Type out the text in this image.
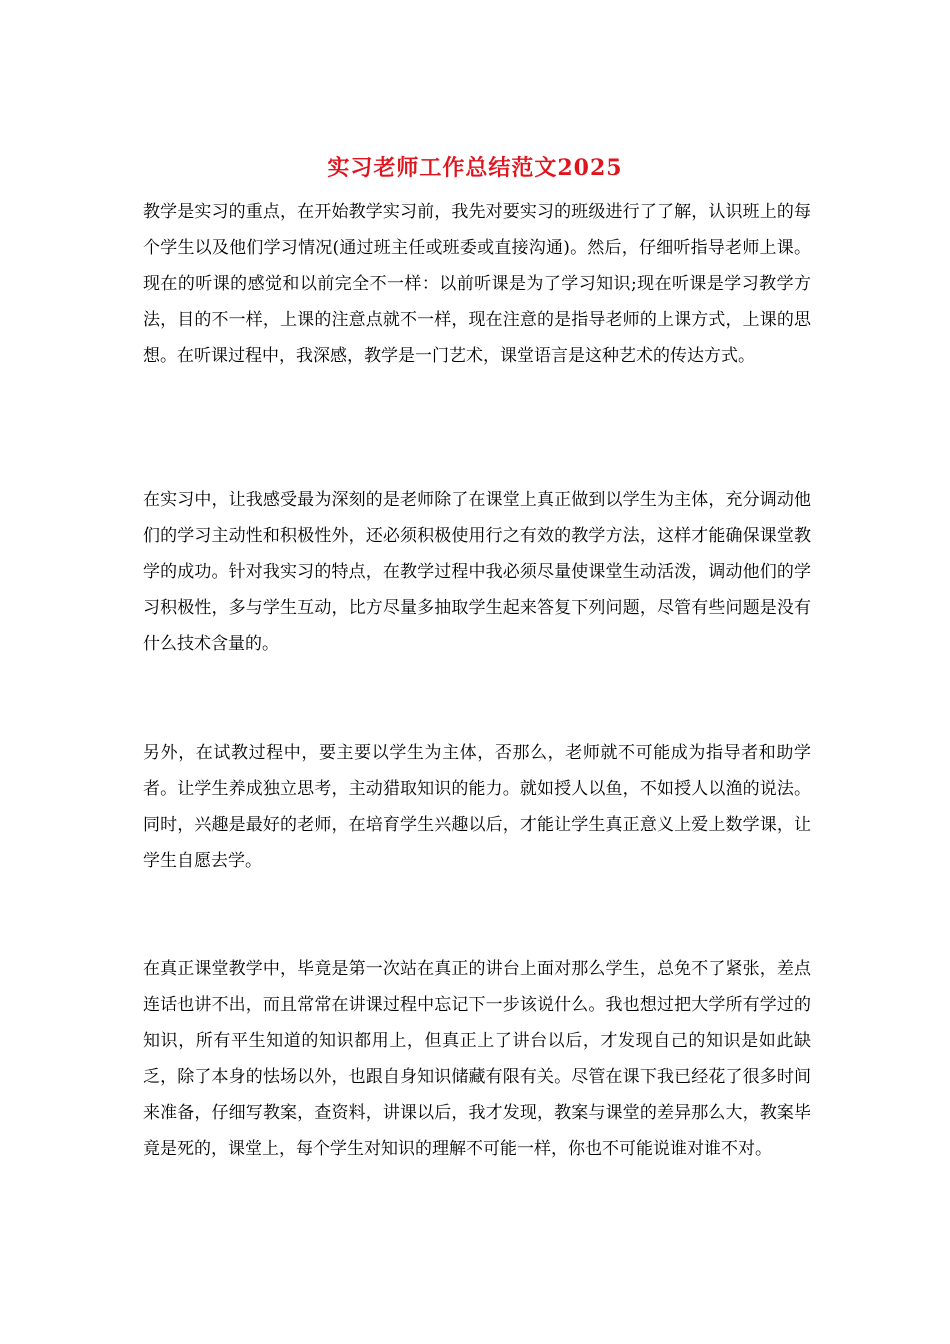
实习老师工作总结范文2025

教学是实习的重点，在开始教学实习前，我先对要实习的班级进行了了解，认识班上的每个学生以及他们学习情况(通过班主任或班委或直接沟通)。然后，仔细听指导老师上课。现在的听课的感觉和以前完全不一样：以前听课是为了学习知识;现在听课是学习教学方法，目的不一样，上课的注意点就不一样，现在注意的是指导老师的上课方式，上课的思想。在听课过程中，我深感，教学是一门艺术，课堂语言是这种艺术的传达方式。

在实习中，让我感受最为深刻的是老师除了在课堂上真正做到以学生为主体，充分调动他们的学习主动性和积极性外，还必须积极使用行之有效的教学方法，这样才能确保课堂教学的成功。针对我实习的特点，在教学过程中我必须尽量使课堂生动活泼，调动他们的学习积极性，多与学生互动，比方尽量多抽取学生起来答复下列问题，尽管有些问题是没有什么技术含量的。

另外，在试教过程中，要主要以学生为主体，否那么，老师就不可能成为指导者和助学者。让学生养成独立思考，主动猎取知识的能力。就如授人以鱼，不如授人以渔的说法。同时，兴趣是最好的老师，在培育学生兴趣以后，才能让学生真正意义上爱上数学课，让学生自愿去学。

在真正课堂教学中，毕竟是第一次站在真正的讲台上面对那么学生，总免不了紧张，差点连话也讲不出，而且常常在讲课过程中忘记下一步该说什么。我也想过把大学所有学过的知识，所有平生知道的知识都用上，但真正上了讲台以后，才发现自己的知识是如此缺乏，除了本身的怯场以外，也跟自身知识储藏有限有关。尽管在课下我已经花了很多时间来准备，仔细写教案，查资料，讲课以后，我才发现，教案与课堂的差异那么大，教案毕竟是死的，课堂上，每个学生对知识的理解不可能一样，你也不可能说谁对谁不对。
